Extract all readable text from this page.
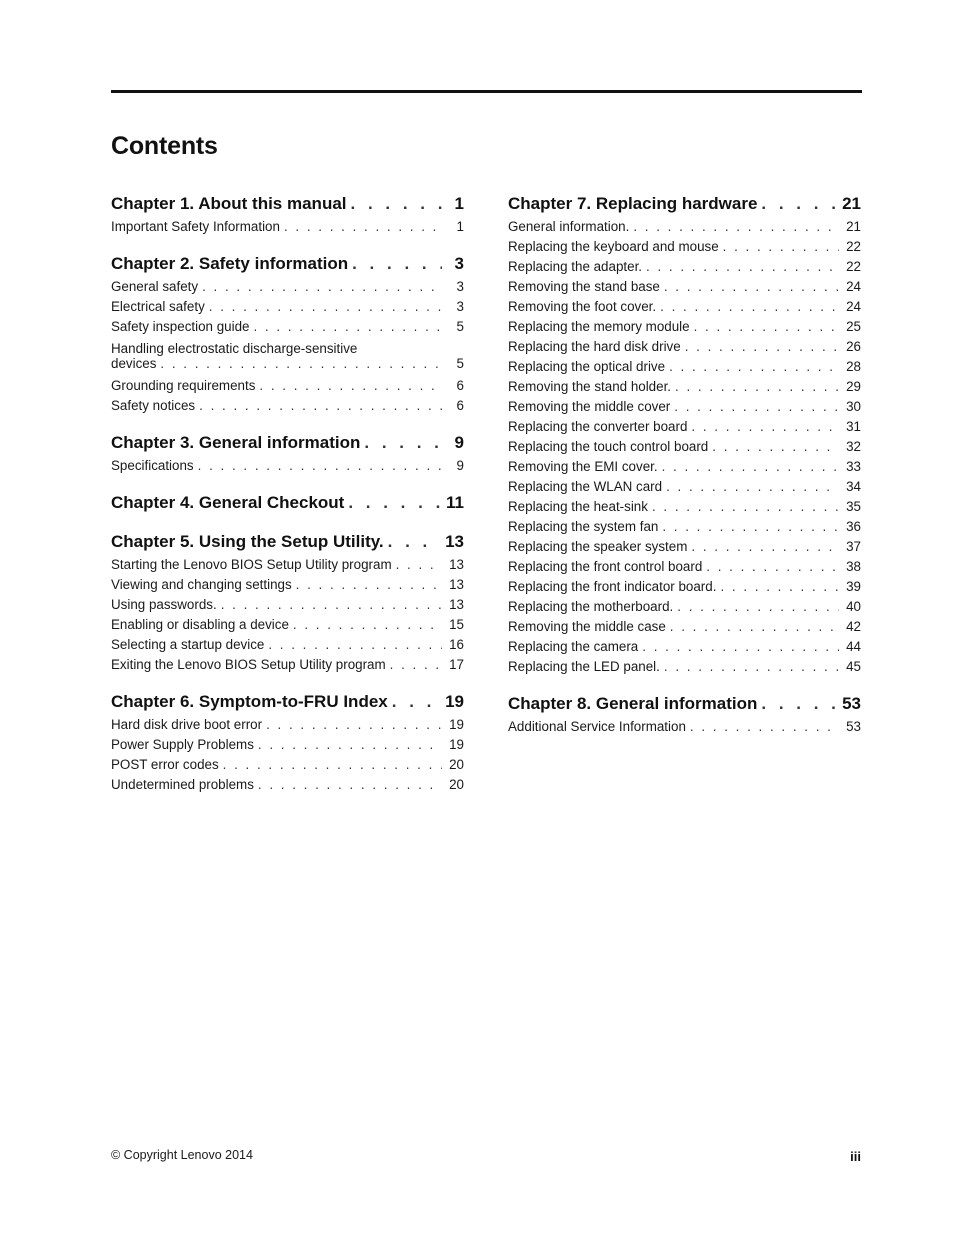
Contents
Chapter 1. About this manual . . .	1
Important Safety Information . . .	1
Chapter 2. Safety information . . .	3
General safety . . .	3
Electrical safety . . .	3
Safety inspection guide . . .	5
Handling electrostatic discharge-sensitive
devices . . .	5
Grounding requirements . . .	6
Safety notices . . .	6
Chapter 3. General information . . .	9
Specifications . . .	9
Chapter 4. General Checkout . . .	11
Chapter 5. Using the Setup Utility. . . .	13
Starting the Lenovo BIOS Setup Utility program . . .	13
Viewing and changing settings . . .	13
Using passwords. . . .	13
Enabling or disabling a device . . .	15
Selecting a startup device . . .	16
Exiting the Lenovo BIOS Setup Utility program . . .	17
Chapter 6. Symptom-to-FRU Index . . .	19
Hard disk drive boot error . . .	19
Power Supply Problems . . .	19
POST error codes . . .	20
Undetermined problems . . .	20
Chapter 7. Replacing hardware . . .	21
General information. . . .	21
Replacing the keyboard and mouse . . .	22
Replacing the adapter. . . .	22
Removing the stand base . . .	24
Removing the foot cover. . . .	24
Replacing the memory module . . .	25
Replacing the hard disk drive . . .	26
Replacing the optical drive . . .	28
Removing the stand holder. . . .	29
Removing the middle cover . . .	30
Replacing the converter board . . .	31
Replacing the touch control board . . .	32
Removing the EMI cover. . . .	33
Replacing the WLAN card . . .	34
Replacing the heat-sink . . .	35
Replacing the system fan . . .	36
Replacing the speaker system . . .	37
Replacing the front control board . . .	38
Replacing the front indicator board. . . .	39
Replacing the motherboard. . . .	40
Removing the middle case . . .	42
Replacing the camera . . .	44
Replacing the LED panel. . . .	45
Chapter 8. General information . . .	53
Additional Service Information . . .	53
© Copyright Lenovo 2014	iii
